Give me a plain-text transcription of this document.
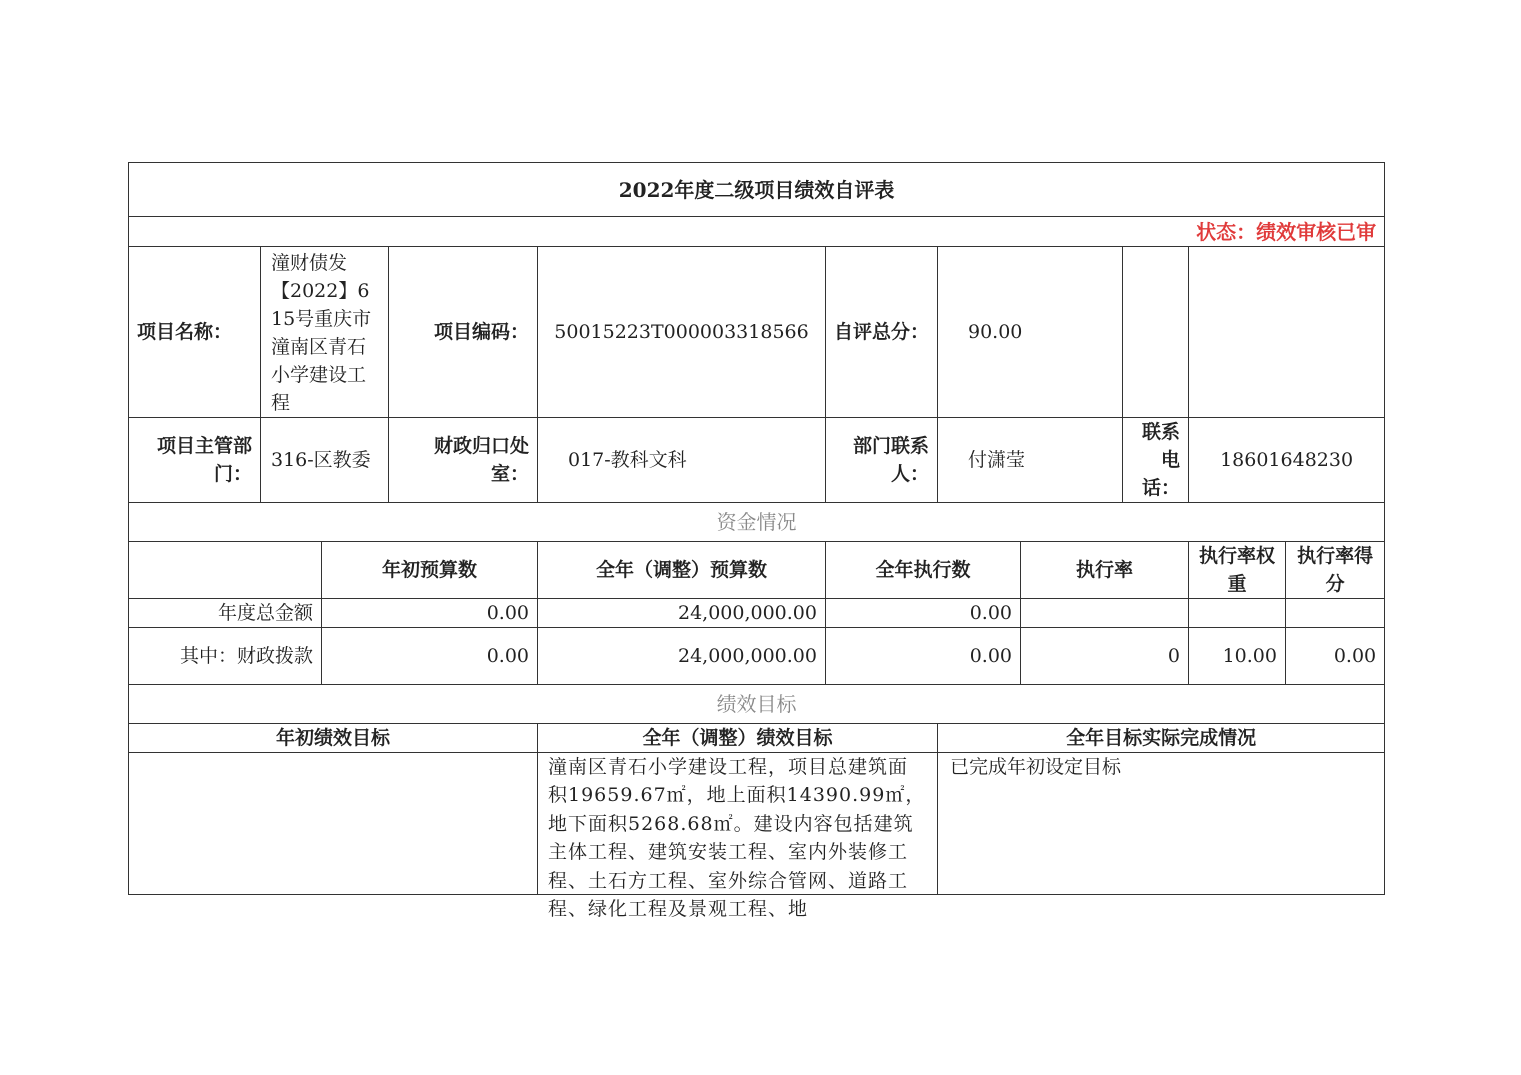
2022年度二级项目绩效自评表										
状态：绩效审核已审										
项目名称：	潼财债发【2022】615号重庆市潼南区青石小学建设工程		项目编码：	50015223T000003318566	自评总分：	90.00				
项目主管部门：	316-区教委		财政归口处室：	017-教科文科	部门联系人：	付潇莹		联系电话：	18601648230	
资金情况										
		年初预算数		全年（调整）预算数	全年执行数		执行率		执行率权重	执行率得分
年度总金额		0.00		24,000,000.00	0.00					
其中：财政拨款		0.00		24,000,000.00	0.00		0		10.00	0.00
绩效目标										
年初绩效目标				全年（调整）绩效目标		全年目标实际完成情况				

				潼南区青石小学建设工程，项目总建筑面积19659.67㎡，地上面积14390.99㎡，地下面积5268.68㎡。建设内容包括建筑主体工程、建筑安装工程、室内外装修工程、土石方工程、室外综合管网、道路工程、绿化工程及景观工程、地		已完成年初设定目标				
